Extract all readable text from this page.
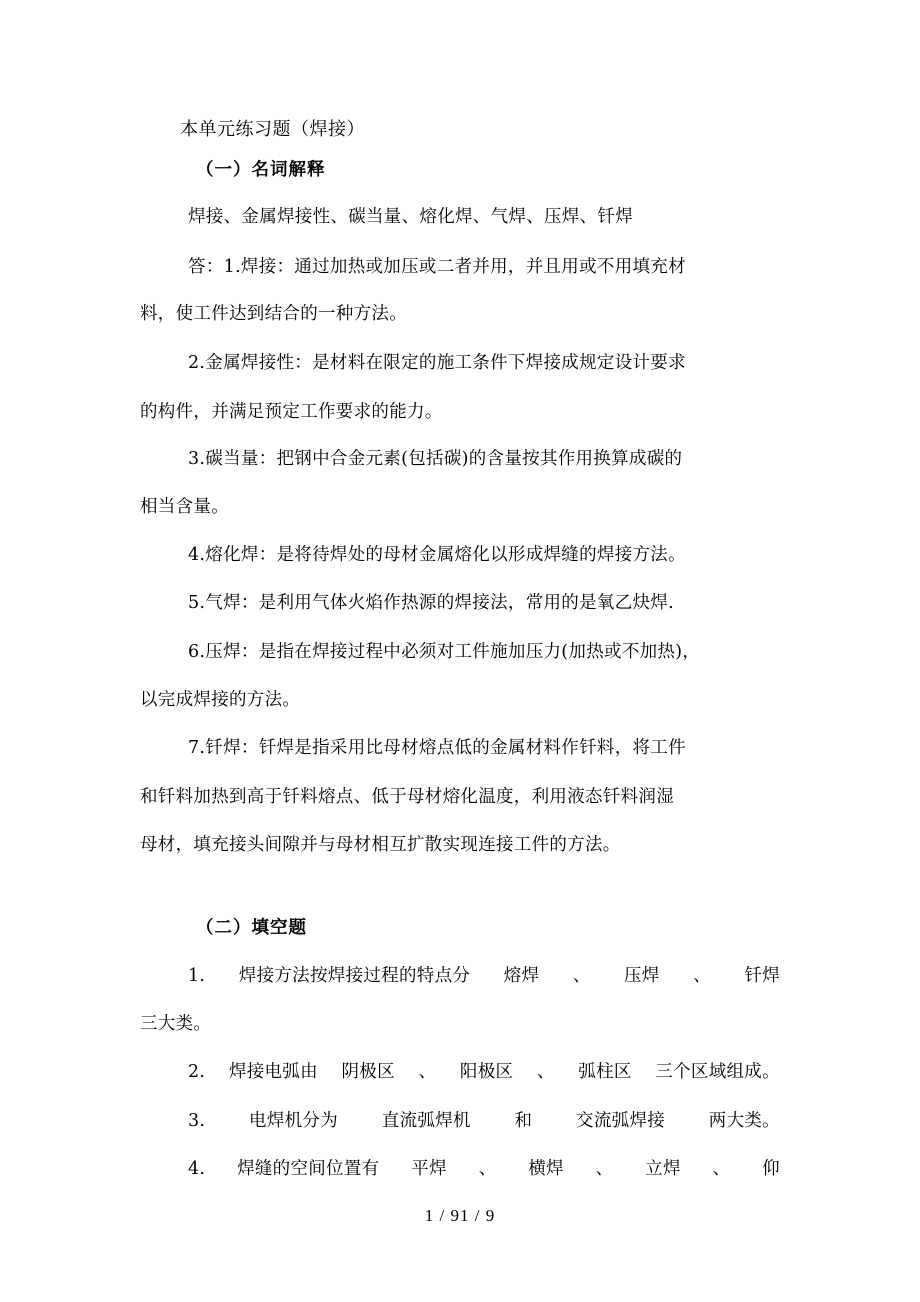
本单元练习题（焊接）
（一）名词解释
焊接、金属焊接性、碳当量、熔化焊、气焊、压焊、钎焊
答：1.焊接：通过加热或加压或二者并用，并且用或不用填充材
料，使工件达到结合的一种方法。
2.金属焊接性：是材料在限定的施工条件下焊接成规定设计要求
的构件，并满足预定工作要求的能力。
3.碳当量：把钢中合金元素(包括碳)的含量按其作用换算成碳的
相当含量。
4.熔化焊：是将待焊处的母材金属熔化以形成焊缝的焊接方法。
5.气焊：是利用气体火焰作热源的焊接法，常用的是氧乙炔焊.
6.压焊：是指在焊接过程中必须对工件施加压力(加热或不加热)，
以完成焊接的方法。
7.钎焊：钎焊是指采用比母材熔点低的金属材料作钎料，将工件
和钎料加热到高于钎料熔点、低于母材熔化温度，利用液态钎料润湿
母材，填充接头间隙并与母材相互扩散实现连接工件的方法。
（二）填空题
1. 焊接方法按焊接过程的特点分 熔焊 、 压焊 、 钎焊
三大类。
2. 焊接电弧由 阴极区 、 阳极区 、 弧柱区 三个区域组成。
3. 电焊机分为 直流弧焊机 和 交流弧焊接 两大类。
4. 焊缝的空间位置有 平焊 、 横焊 、 立焊 、 仰
1 / 91 / 9
